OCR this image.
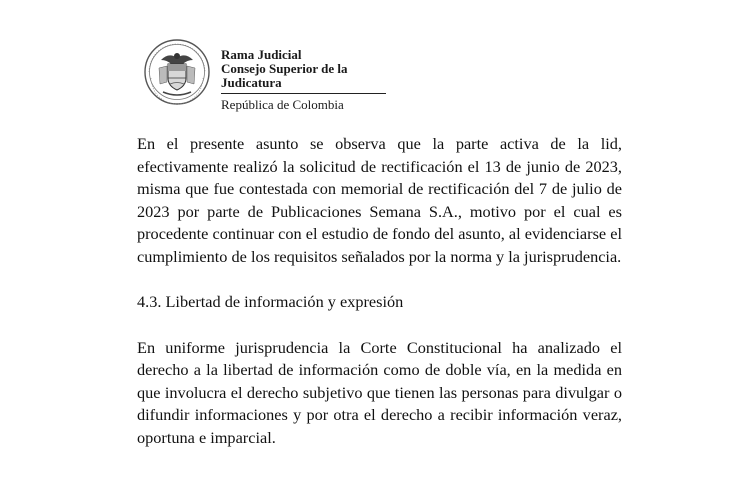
Rama Judicial
Consejo Superior de la Judicatura
República de Colombia

En el presente asunto se observa que la parte activa de la lid, efectivamente realizó la solicitud de rectificación el 13 de junio de 2023, misma que fue contestada con memorial de rectificación del 7 de julio de 2023 por parte de Publicaciones Semana S.A., motivo por el cual es procedente continuar con el estudio de fondo del asunto, al evidenciarse el cumplimiento de los requisitos señalados por la norma y la jurisprudencia.

4.3. Libertad de información y expresión

En uniforme jurisprudencia la Corte Constitucional ha analizado el derecho a la libertad de información como de doble vía, en la medida en que involucra el derecho subjetivo que tienen las personas para divulgar o difundir informaciones y por otra el derecho a recibir información veraz, oportuna e imparcial.
